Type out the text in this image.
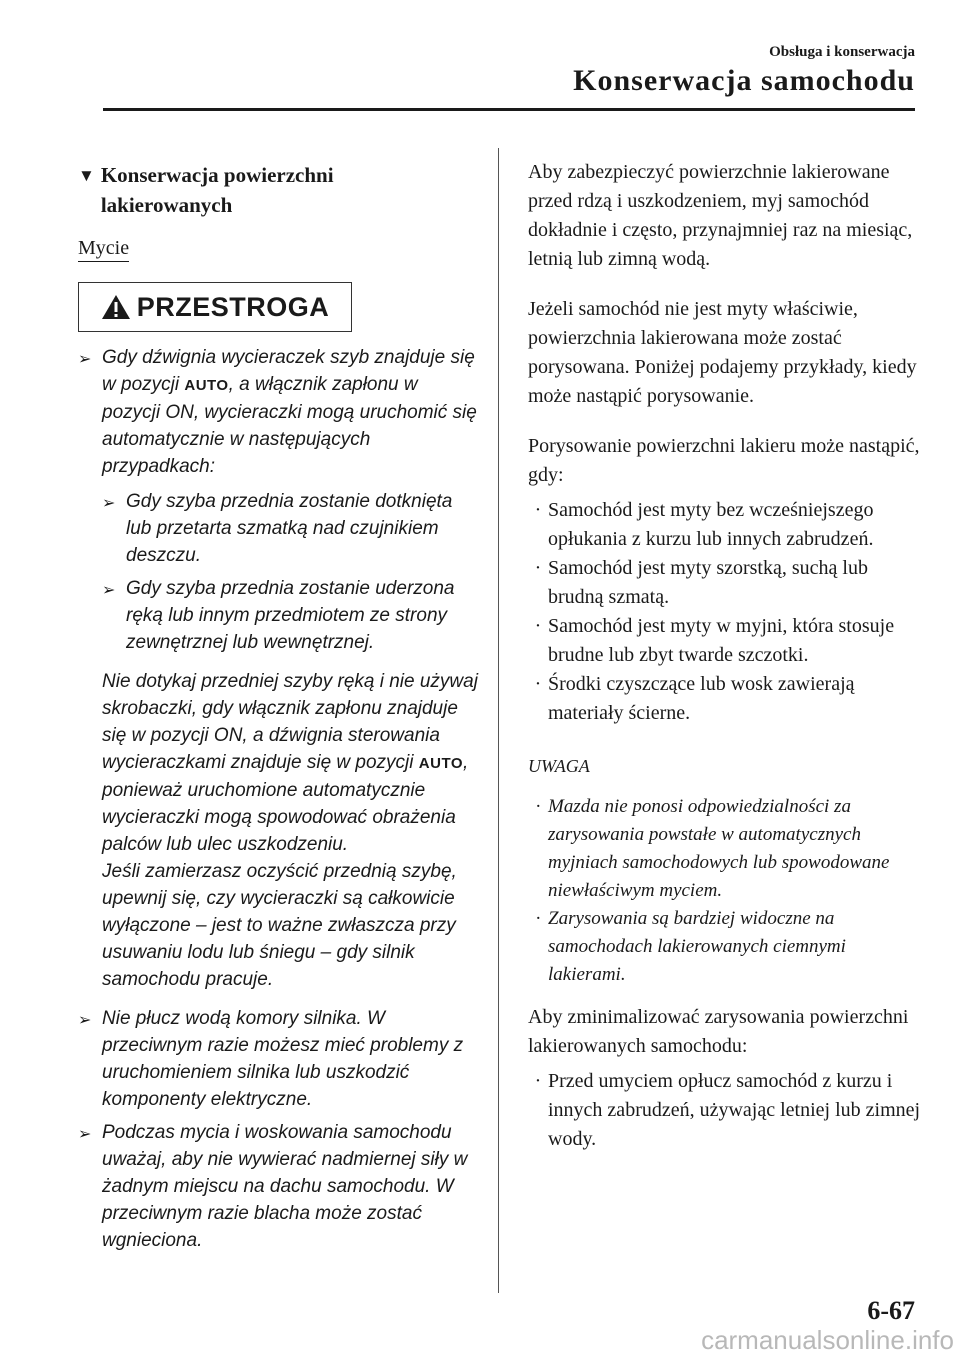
Obsługa i konserwacja
Konserwacja samochodu
▼ Konserwacja powierzchni
lakierowanych
Mycie
PRZESTROGA
➢ Gdy dźwignia wycieraczek szyb znajduje się w pozycji AUTO, a włącznik zapłonu w pozycji ON, wycieraczki mogą uruchomić się automatycznie w następujących przypadkach:
➢ Gdy szyba przednia zostanie dotknięta lub przetarta szmatką nad czujnikiem deszczu.
➢ Gdy szyba przednia zostanie uderzona ręką lub innym przedmiotem ze strony zewnętrznej lub wewnętrznej.
Nie dotykaj przedniej szyby ręką i nie używaj skrobaczki, gdy włącznik zapłonu znajduje się w pozycji ON, a dźwignia sterowania wycieraczkami znajduje się w pozycji AUTO, ponieważ uruchomione automatycznie wycieraczki mogą spowodować obrażenia palców lub ulec uszkodzeniu.
Jeśli zamierzasz oczyścić przednią szybę, upewnij się, czy wycieraczki są całkowicie wyłączone – jest to ważne zwłaszcza przy usuwaniu lodu lub śniegu – gdy silnik samochodu pracuje.
➢ Nie płucz wodą komory silnika. W przeciwnym razie możesz mieć problemy z uruchomieniem silnika lub uszkodzić komponenty elektryczne.
➢ Podczas mycia i woskowania samochodu uważaj, aby nie wywierać nadmiernej siły w żadnym miejscu na dachu samochodu. W przeciwnym razie blacha może zostać wgnieciona.
Aby zabezpieczyć powierzchnie lakierowane przed rdzą i uszkodzeniem, myj samochód dokładnie i często, przynajmniej raz na miesiąc, letnią lub zimną wodą.
Jeżeli samochód nie jest myty właściwie, powierzchnia lakierowana może zostać porysowana. Poniżej podajemy przykłady, kiedy może nastąpić porysowanie.
Porysowanie powierzchni lakieru może nastąpić, gdy:
· Samochód jest myty bez wcześniejszego opłukania z kurzu lub innych zabrudzeń.
· Samochód jest myty szorstką, suchą lub brudną szmatą.
· Samochód jest myty w myjni, która stosuje brudne lub zbyt twarde szczotki.
· Środki czyszczące lub wosk zawierają materiały ścierne.
UWAGA
· Mazda nie ponosi odpowiedzialności za zarysowania powstałe w automatycznych myjniach samochodowych lub spowodowane niewłaściwym myciem.
· Zarysowania są bardziej widoczne na samochodach lakierowanych ciemnymi lakierami.
Aby zminimalizować zarysowania powierzchni lakierowanych samochodu:
· Przed umyciem opłucz samochód z kurzu i innych zabrudzeń, używając letniej lub zimnej wody.
6-67
carmanualsonline.info
